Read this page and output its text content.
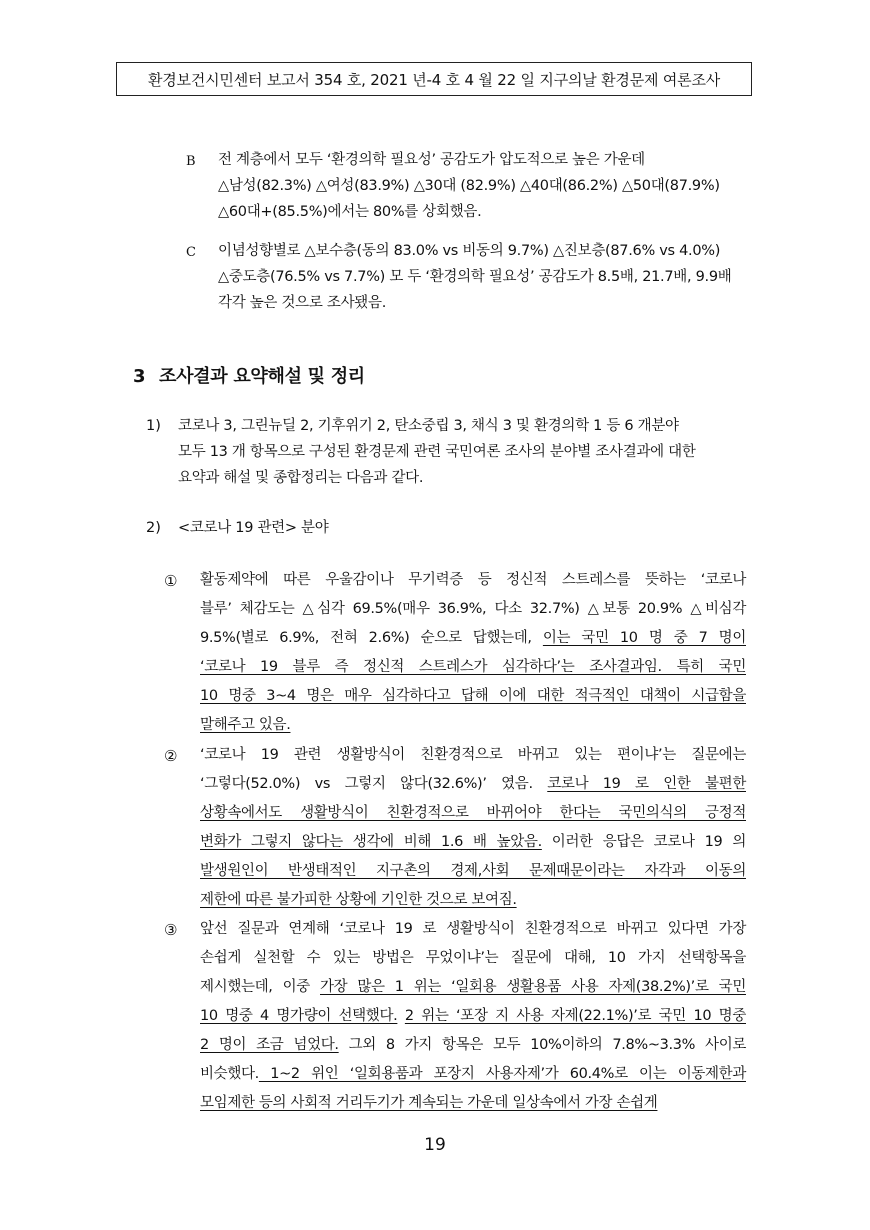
환경보건시민센터 보고서 354 호, 2021 년-4 호 4 월 22 일 지구의날 환경문제 여론조사
B 전 계층에서 모두 ‘환경의학 필요성’ 공감도가 압도적으로 높은 가운데
△남성(82.3%) △여성(83.9%) △30대 (82.9%) △40대(86.2%) △50대(87.9%)
△60대+(85.5%)에서는 80%를 상회했음.
C 이념성향별로 △보수층(동의 83.0% vs 비동의 9.7%) △진보층(87.6% vs 4.0%)
△중도층(76.5% vs 7.7%) 모 두 ‘환경의학 필요성’ 공감도가 8.5배, 21.7배, 9.9배
각각 높은 것으로 조사됐음.
3 조사결과 요약해설 및 정리
1) 코로나 3, 그린뉴딜 2, 기후위기 2, 탄소중립 3, 채식 3 및 환경의학 1 등 6 개분야
모두 13 개 항목으로 구성된 환경문제 관련 국민여론 조사의 분야별 조사결과에 대한
요약과 해설 및 종합정리는 다음과 같다.
2) <코로나 19 관련> 분야
① 활동제약에 따른 우울감이나 무기력증 등 정신적 스트레스를 뜻하는 ‘코로나
블루’ 체감도는 △심각 69.5%(매우 36.9%, 다소 32.7%) △보통 20.9% △비심각
9.5%(별로 6.9%, 전혀 2.6%) 순으로 답했는데, 이는 국민 10 명 중 7 명이
‘코로나 19 블루 즉 정신적 스트레스가 심각하다’는 조사결과임. 특히 국민
10 명중 3~4 명은 매우 심각하다고 답해 이에 대한 적극적인 대책이 시급함을
말해주고 있음.
② ‘코로나 19 관련 생활방식이 친환경적으로 바뀌고 있는 편이냐’는 질문에는
‘그렇다(52.0%) vs 그렇지 않다(32.6%)’ 였음. 코로나 19 로 인한 불편한
상황속에서도 생활방식이 친환경적으로 바뀌어야 한다는 국민의식의 긍정적
변화가 그렇지 않다는 생각에 비해 1.6 배 높았음. 이러한 응답은 코로나 19 의
발생원인이 반생태적인 지구촌의 경제,사회 문제때문이라는 자각과 이동의
제한에 따른 불가피한 상황에 기인한 것으로 보여짐.
③ 앞선 질문과 연계해 ‘코로나 19 로 생활방식이 친환경적으로 바뀌고 있다면 가장
손쉽게 실천할 수 있는 방법은 무었이냐’는 질문에 대해, 10 가지 선택항목을
제시했는데, 이중 가장 많은 1 위는 ‘일회용 생활용품 사용 자제(38.2%)’로 국민
10 명중 4 명가량이 선택했다. 2 위는 ‘포장 지 사용 자제(22.1%)’로 국민 10 명중
2 명이 조금 넘었다. 그외 8 가지 항목은 모두 10%이하의 7.8%~3.3% 사이로
비슷했다. 1~2 위인 ‘일회용품과 포장지 사용자제’가 60.4%로 이는 이동제한과
모임제한 등의 사회적 거리두기가 계속되는 가운데 일상속에서 가장 손쉽게
19
